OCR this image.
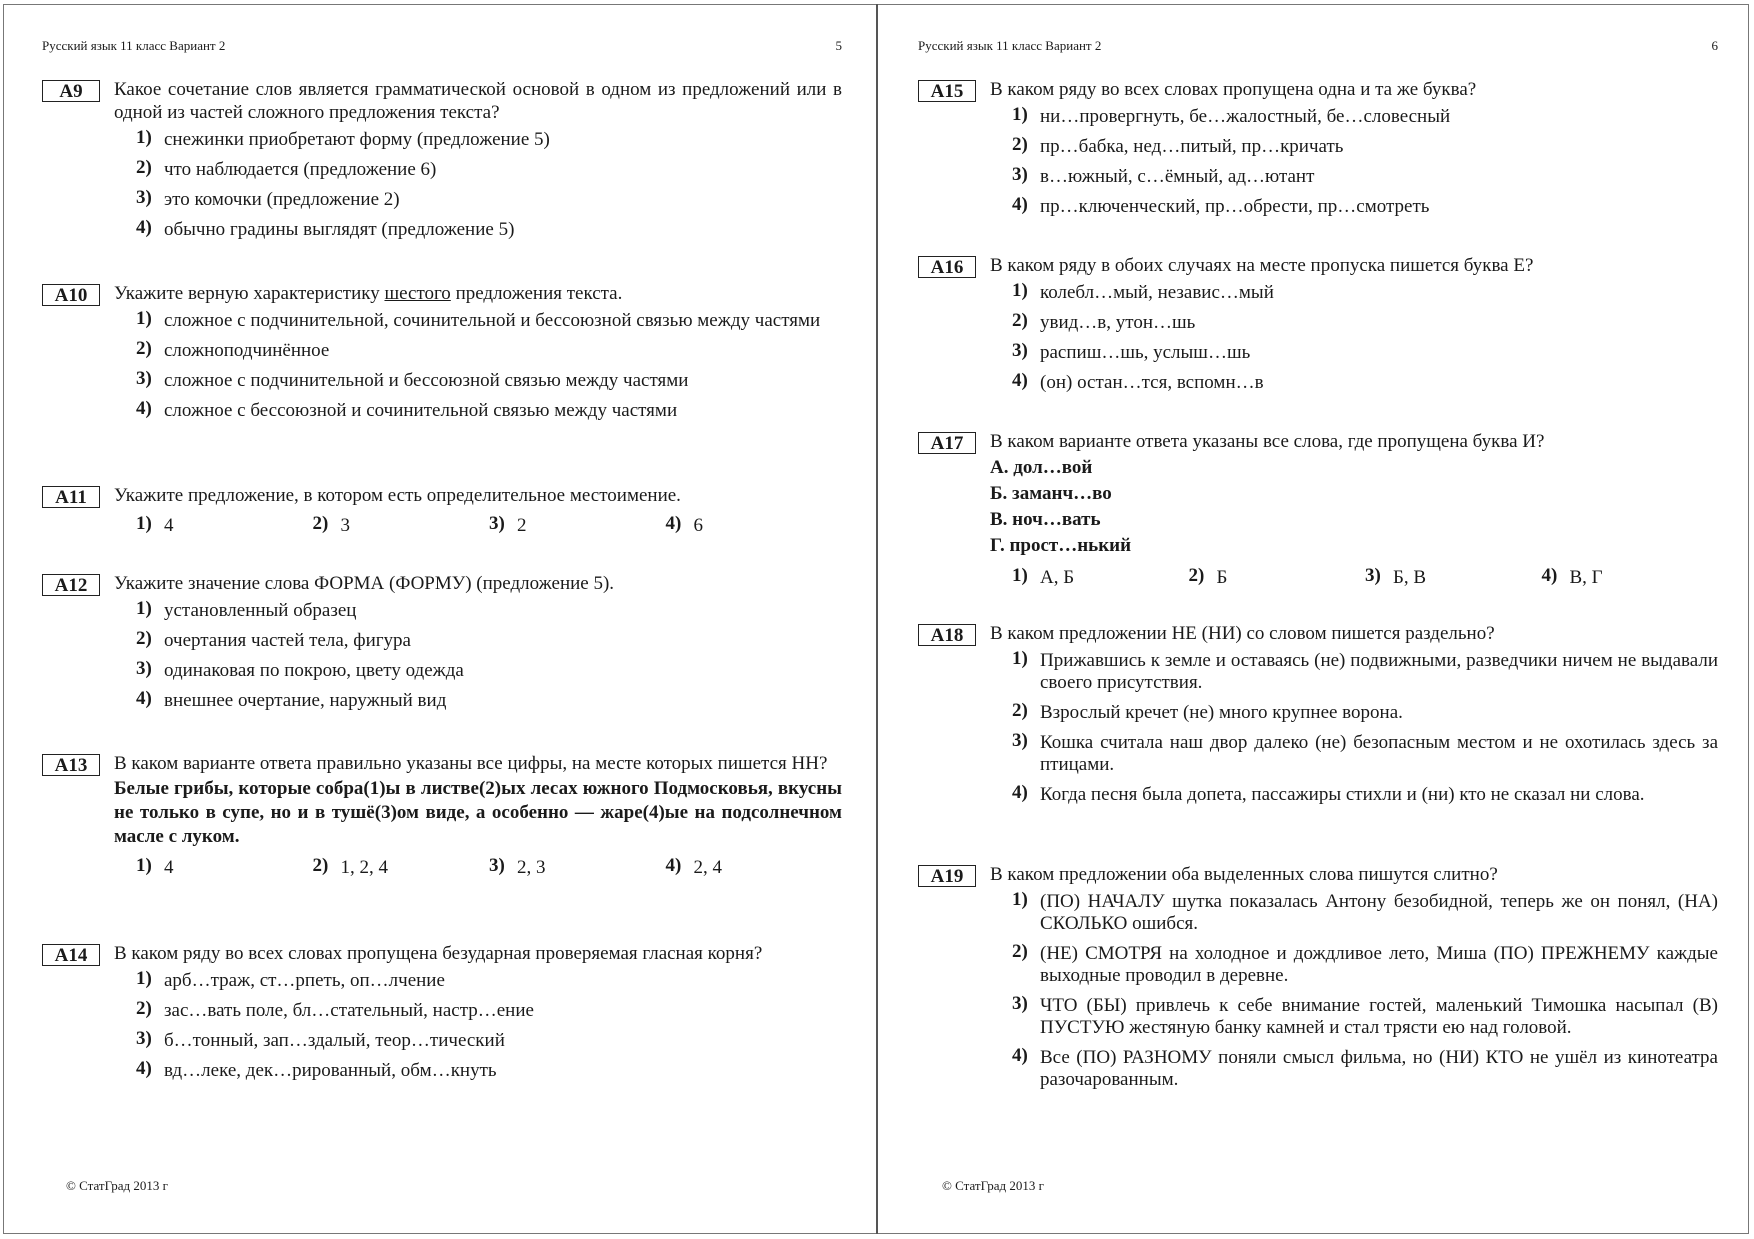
Русский язык 11 класс Вариант 2	5
A9	Какое сочетание слов является грамматической основой в одном из предложений или в одной из частей сложного предложения текста?
1) снежинки приобретают форму (предложение 5)
2) что наблюдается (предложение 6)
3) это комочки (предложение 2)
4) обычно градины выглядят (предложение 5)
A10	Укажите верную характеристику шестого предложения текста.
1) сложное с подчинительной, сочинительной и бессоюзной связью между частями
2) сложноподчинённое
3) сложное с подчинительной и бессоюзной связью между частями
4) сложное с бессоюзной и сочинительной связью между частями
A11	Укажите предложение, в котором есть определительное местоимение.
1) 4	2) 3	3) 2	4) 6
A12	Укажите значение слова ФОРМА (ФОРМУ) (предложение 5).
1) установленный образец
2) очертания частей тела, фигура
3) одинаковая по покрою, цвету одежда
4) внешнее очертание, наружный вид
A13	В каком варианте ответа правильно указаны все цифры, на месте которых пишется НН?
Белые грибы, которые собра(1)ы в листве(2)ых лесах южного Подмосковья, вкусны не только в супе, но и в тушё(3)ом виде, а особенно — жаре(4)ые на подсолнечном масле с луком.
1) 4	2) 1, 2, 4	3) 2, 3	4) 2, 4
A14	В каком ряду во всех словах пропущена безударная проверяемая гласная корня?
1) арб…траж, ст…рпеть, оп…лчение
2) зас…вать поле, бл…стательный, настр…ение
3) б…тонный, зап…здалый, теор…тический
4) вд…леке, дек…рированный, обм…кнуть
© СтатГрад 2013 г
Русский язык 11 класс Вариант 2	6
A15	В каком ряду во всех словах пропущена одна и та же буква?
1) ни…провергнуть, бе…жалостный, бе…словесный
2) пр…бабка, нед…питый, пр…кричать
3) в…южный, с…ёмный, ад…ютант
4) пр…ключенческий, пр…обрести, пр…смотреть
A16	В каком ряду в обоих случаях на месте пропуска пишется буква Е?
1) колебл…мый, независ…мый
2) увид…в, утон…шь
3) распиш…шь, услыш…шь
4) (он) остан…тся, вспомн…в
A17	В каком варианте ответа указаны все слова, где пропущена буква И?
А. дол…вой
Б. заманч…во
В. ноч…вать
Г. прост…нький
1) А, Б	2) Б	3) Б, В	4) В, Г
A18	В каком предложении НЕ (НИ) со словом пишется раздельно?
1) Прижавшись к земле и оставаясь (не) подвижными, разведчики ничем не выдавали своего присутствия.
2) Взрослый кречет (не) много крупнее ворона.
3) Кошка считала наш двор далеко (не) безопасным местом и не охотилась здесь за птицами.
4) Когда песня была допета, пассажиры стихли и (ни) кто не сказал ни слова.
A19	В каком предложении оба выделенных слова пишутся слитно?
1) (ПО) НАЧАЛУ шутка показалась Антону безобидной, теперь же он понял, (НА) СКОЛЬКО ошибся.
2) (НЕ) СМОТРЯ на холодное и дождливое лето, Миша (ПО) ПРЕЖНЕМУ каждые выходные проводил в деревне.
3) ЧТО (БЫ) привлечь к себе внимание гостей, маленький Тимошка насыпал (В) ПУСТУЮ жестяную банку камней и стал трясти ею над головой.
4) Все (ПО) РАЗНОМУ поняли смысл фильма, но (НИ) КТО не ушёл из кинотеатра разочарованным.
© СтатГрад 2013 г
